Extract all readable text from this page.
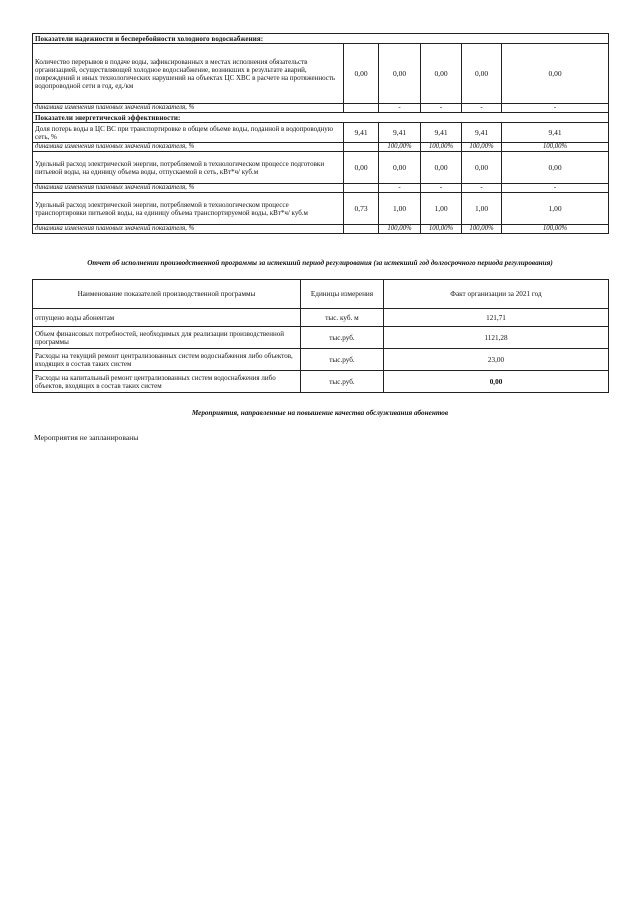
Показатели надежности и бесперебойности холодного водоснабжения:					
Количество перерывов в подаче воды, зафиксированных в местах исполнения обязательств организацией, осуществляющей холодное водоснабжение, возникших в результате аварий, повреждений и иных технологических нарушений на объектах ЦС ХВС в расчете на протяженность водопроводной сети в год, ед./км	0,00	0,00	0,00	0,00	0,00
динамика изменения плановых значений показателя, %		-	-	-	-
Показатели энергетической эффективности:					
Доля потерь воды в ЦС ВС при транспортировке в общем объеме воды, поданной в водопроводную сеть, %	9,41	9,41	9,41	9,41	9,41
динамика изменения плановых значений показателя, %		100,00%	100,00%	100,00%	100,00%
Удельный расход электрической энергии, потребляемой в технологическом процессе подготовки питьевой воды, на единицу объема воды, отпускаемой в сеть, кВт*ч/ куб.м	0,00	0,00	0,00	0,00	0,00
динамика изменения плановых значений показателя, %		-	-	-	-
Удельный расход электрической энергии, потребляемой в технологическом процессе транспортировки питьевой воды, на единицу объема транспортируемой воды, кВт*ч/ куб.м	0,73	1,00	1,00	1,00	1,00
динамика изменения плановых значений показателя, %		100,00%	100,00%	100,00%	100,00%
Отчет об исполнении производственной программы за истекший период регулирования (за истекший год долгосрочного периода регулирования)
Наименование показателей производственной программы	Единицы измерения	Факт организации за 2021 год
отпущено воды абонентам	тыс. куб. м	121,71
Объем финансовых потребностей, необходимых для реализации производственной программы	тыс.руб.	1121,28
Расходы на текущий ремонт централизованных систем водоснабжения либо объектов, входящих в состав таких систем	тыс.руб.	23,00
Расходы на капитальный ремонт централизованных систем водоснабжения либо объектов, входящих в состав таких систем	тыс.руб.	0,00
Мероприятия, направленные на повышение качества обслуживания абонентов
Мероприятия не запланированы
